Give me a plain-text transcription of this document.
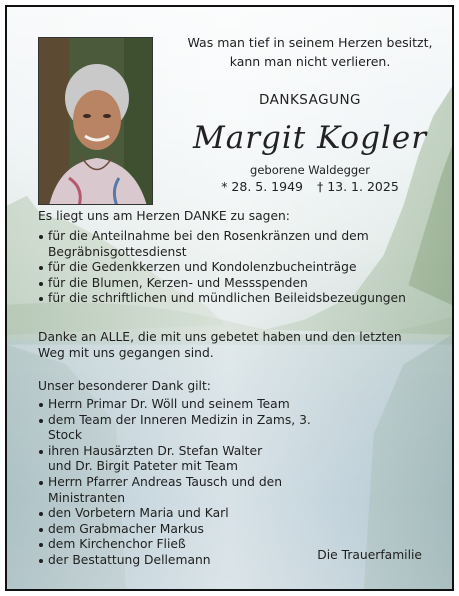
Was man tief in seinem Herzen besitzt,
kann man nicht verlieren.
DANKSAGUNG
Margit Kogler
geborene Waldegger
* 28. 5. 1949 † 13. 1. 2025
Es liegt uns am Herzen DANKE zu sagen:
für die Anteilnahme bei den Rosenkränzen und dem Begräbnisgottesdienst
für die Gedenkkerzen und Kondolenzbucheinträge
für die Blumen, Kerzen- und Messspenden
für die schriftlichen und mündlichen Beileidsbezeugungen
Danke an ALLE, die mit uns gebetet haben und den letzten Weg mit uns gegangen sind.
Unser besonderer Dank gilt:
Herrn Primar Dr. Wöll und seinem Team
dem Team der Inneren Medizin in Zams, 3. Stock
ihren Hausärzten Dr. Stefan Walter und Dr. Birgit Pateter mit Team
Herrn Pfarrer Andreas Tausch und den Ministranten
den Vorbetern Maria und Karl
dem Grabmacher Markus
dem Kirchenchor Fließ
der Bestattung Dellemann	Die Trauerfamilie
